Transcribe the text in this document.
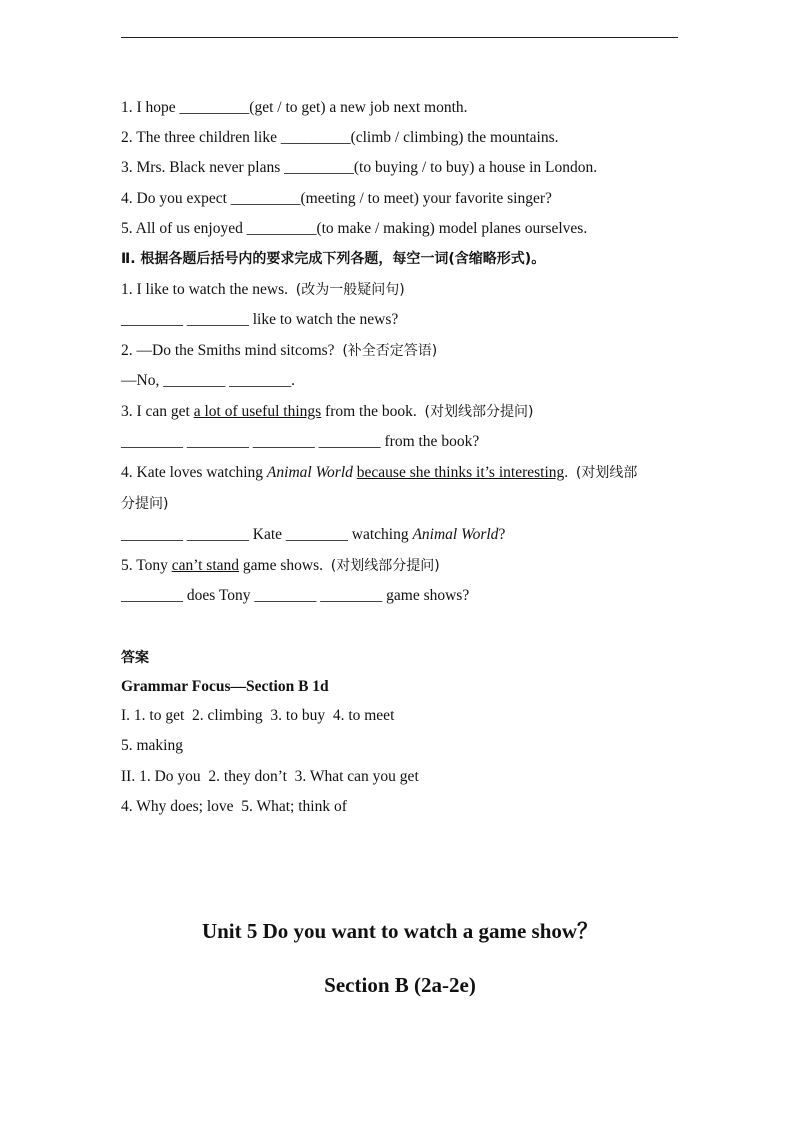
1. I hope _________(get / to get) a new job next month.
2. The three children like _________(climb / climbing) the mountains.
3. Mrs. Black never plans _________(to buying / to buy) a house in London.
4. Do you expect _________(meeting / to meet) your favorite singer?
5. All of us enjoyed _________(to make / making) model planes ourselves.
Ⅱ. 根据各题后括号内的要求完成下列各题，每空一词(含缩略形式)。
1. I like to watch the news.  (改为一般疑问句)
________ ________ like to watch the news?
2. —Do the Smiths mind sitcoms?  (补全否定答语)
—No, ________ ________.
3. I can get a lot of useful things from the book.  (对划线部分提问)
________ ________ ________ ________ from the book?
4. Kate loves watching Animal World because she thinks it’s interesting.  (对划线部
分提问)
________ ________ Kate ________ watching Animal World?
5. Tony can’t stand game shows.  (对划线部分提问)
________ does Tony ________ ________ game shows?
答案
Grammar Focus—Section B 1d
I. 1. to get  2. climbing  3. to buy  4. to meet
5. making
II. 1. Do you  2. they don’t  3. What can you get
4. Why does; love  5. What; think of
Unit 5 Do you want to watch a game show？
Section B (2a-2e)
